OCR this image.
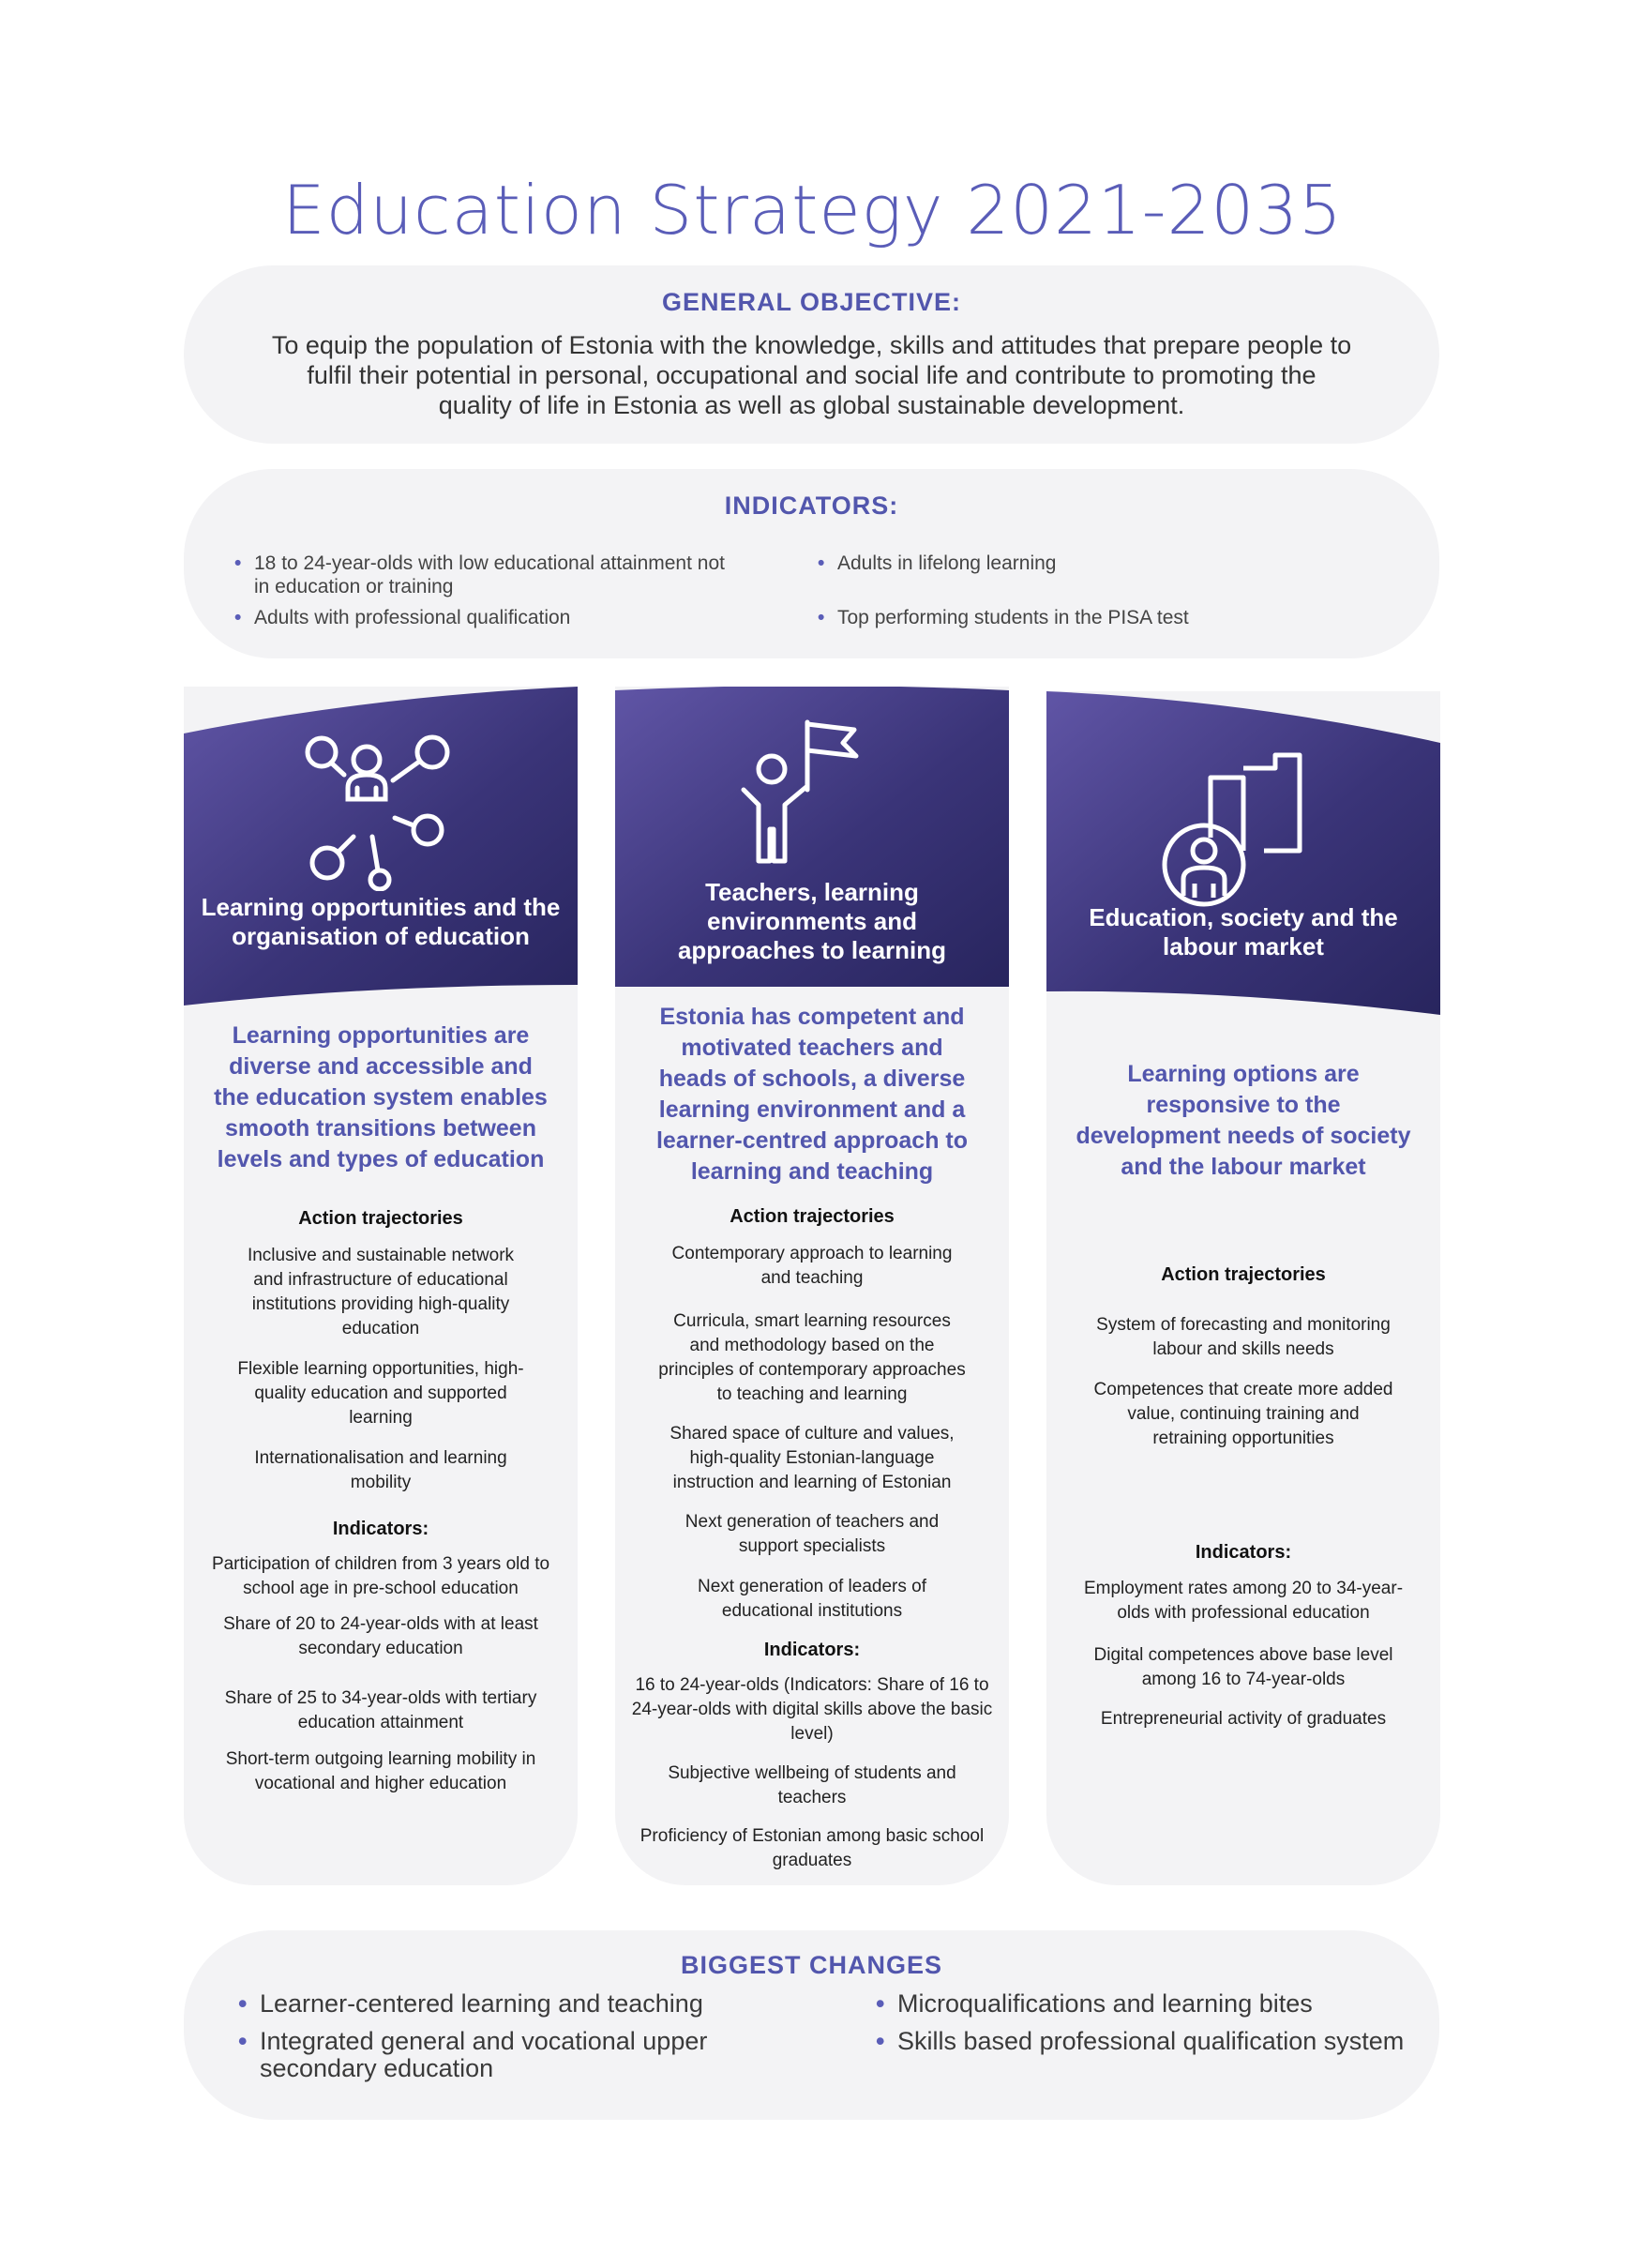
Education Strategy 2021-2035
GENERAL OBJECTIVE:
To equip the population of Estonia with the knowledge, skills and attitudes that prepare people to fulfil their potential in personal, occupational and social life and contribute to promoting the quality of life in Estonia as well as global sustainable development.
INDICATORS:
• 18 to 24-year-olds with low educational attainment not in education or training
• Adults with professional qualification
• Adults in lifelong learning
• Top performing students in the PISA test
Learning opportunities and the organisation of education
Learning opportunities are diverse and accessible and the education system enables smooth transitions between levels and types of education
Action trajectories
Inclusive and sustainable network and infrastructure of educational institutions providing high-quality education
Flexible learning opportunities, high-quality education and supported learning
Internationalisation and learning mobility
Indicators:
Participation of children from 3 years old to school age in pre-school education
Share of 20 to 24-year-olds with at least secondary education
Share of 25 to 34-year-olds with tertiary education attainment
Short-term outgoing learning mobility in vocational and higher education
Teachers, learning environments and approaches to learning
Estonia has competent and motivated teachers and heads of schools, a diverse learning environment and a learner-centred approach to learning and teaching
Action trajectories
Contemporary approach to learning and teaching
Curricula, smart learning resources and methodology based on the principles of contemporary approaches to teaching and learning
Shared space of culture and values, high-quality Estonian-language instruction and learning of Estonian
Next generation of teachers and support specialists
Next generation of leaders of educational institutions
Indicators:
16 to 24-year-olds (Indicators: Share of 16 to 24-year-olds with digital skills above the basic level)
Subjective wellbeing of students and teachers
Proficiency of Estonian among basic school graduates
Education, society and the labour market
Learning options are responsive to the development needs of society and the labour market
Action trajectories
System of forecasting and monitoring labour and skills needs
Competences that create more added value, continuing training and retraining opportunities
Indicators:
Employment rates among 20 to 34-year-olds with professional education
Digital competences above base level among 16 to 74-year-olds
Entrepreneurial activity of graduates
BIGGEST CHANGES
• Learner-centered learning and teaching
• Integrated general and vocational upper secondary education
• Microqualifications and learning bites
• Skills based professional qualification system
